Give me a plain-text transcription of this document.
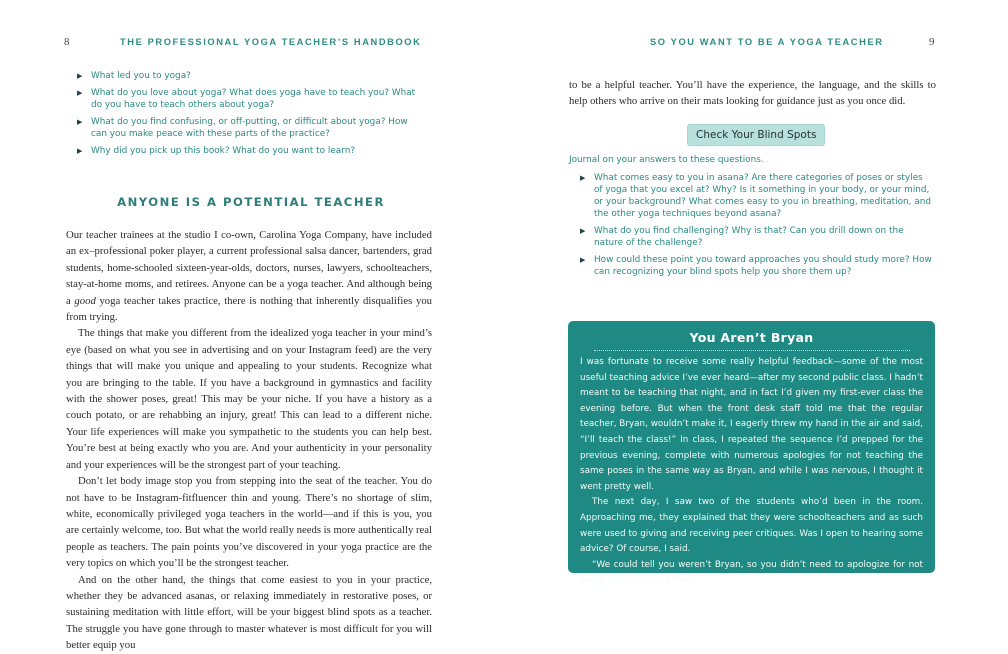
8	THE PROFESSIONAL YOGA TEACHER’S HANDBOOK
▶ What led you to yoga?
▶ What do you love about yoga? What does yoga have to teach you? What do you have to teach others about yoga?
▶ What do you find confusing, or off-putting, or difficult about yoga? How can you make peace with these parts of the practice?
▶ Why did you pick up this book? What do you want to learn?
ANYONE IS A POTENTIAL TEACHER

Our teacher trainees at the studio I co-own, Carolina Yoga Company, have included an ex–professional poker player, a current professional salsa dancer, bartenders, grad students, home-schooled sixteen-year-olds, doctors, nurses, lawyers, schoolteachers, stay-at-home moms, and retirees. Anyone can be a yoga teacher. And although being a good yoga teacher takes practice, there is nothing that inherently disqualifies you from trying.

The things that make you different from the idealized yoga teacher in your mind’s eye (based on what you see in advertising and on your Instagram feed) are the very things that will make you unique and appealing to your students. Recognize what you are bringing to the table. If you have a background in gymnastics and facility with the shower poses, great! This may be your niche. If you have a history as a couch potato, or are rehabbing an injury, great! This can lead to a different niche. Your life experiences will make you sympathetic to the students you can help best. You’re best at being exactly who you are. And your authenticity in your personality and your experiences will be the strongest part of your teaching.

Don’t let body image stop you from stepping into the seat of the teacher. You do not have to be Instagram-fitfluencer thin and young. There’s no shortage of slim, white, economically privileged yoga teachers in the world—and if this is you, you are certainly welcome, too. But what the world really needs is more authentically real people as teachers. The pain points you’ve discovered in your yoga practice are the very topics on which you’ll be the strongest teacher.

And on the other hand, the things that come easiest to you in your practice, whether they be advanced asanas, or relaxing immediately in restorative poses, or sustaining meditation with little effort, will be your biggest blind spots as a teacher. The struggle you have gone through to master whatever is most difficult for you will better equip you

SO YOU WANT TO BE A YOGA TEACHER	9

to be a helpful teacher. You’ll have the experience, the language, and the skills to help others who arrive on their mats looking for guidance just as you once did.

Check Your Blind Spots
Journal on your answers to these questions.
▶ What comes easy to you in asana? Are there categories of poses or styles of yoga that you excel at? Why? Is it something in your body, or your mind, or your background? What comes easy to you in breathing, meditation, and the other yoga techniques beyond asana?
▶ What do you find challenging? Why is that? Can you drill down on the nature of the challenge?
▶ How could these point you toward approaches you should study more? How can recognizing your blind spots help you shore them up?
You Aren’t Bryan

I was fortunate to receive some really helpful feedback—some of the most useful teaching advice I’ve ever heard—after my second public class. I hadn’t meant to be teaching that night, and in fact I’d given my first-ever class the evening before. But when the front desk staff told me that the regular teacher, Bryan, wouldn’t make it, I eagerly threw my hand in the air and said, “I’ll teach the class!” In class, I repeated the sequence I’d prepped for the previous evening, complete with numerous apologies for not teaching the same poses in the same way as Bryan, and while I was nervous, I thought it went pretty well.

The next day, I saw two of the students who’d been in the room. Approaching me, they explained that they were schoolteachers and as such were used to giving and receiving peer critiques. Was I open to hearing some advice? Of course, I said.

“We could tell you weren’t Bryan, so you didn’t need to apologize for not being Bryan,” they offered.
